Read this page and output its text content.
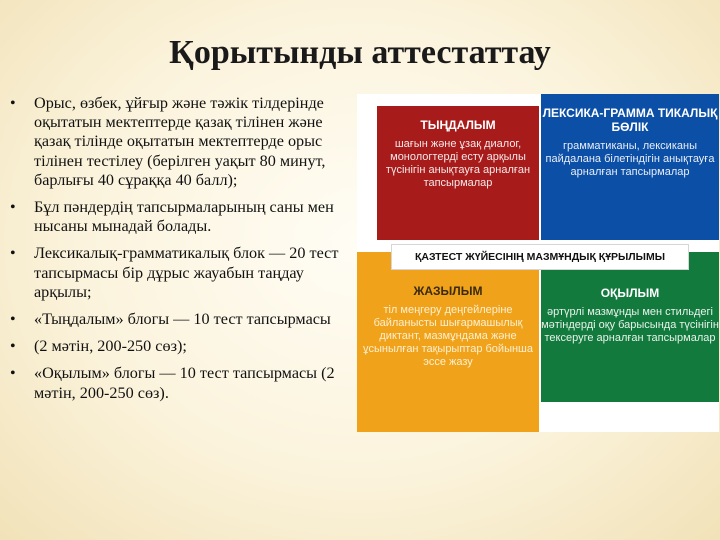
Қорытынды аттестаттау
• Орыс, өзбек, ұйғыр және тәжік тілдерінде оқытатын мектептерде қазақ тілінен және қазақ тілінде оқытатын мектептерде орыс тілінен тестілеу (берілген уақыт 80 минут, барлығы 40 сұраққа 40 балл);
• Бұл пәндердің тапсырмаларының саны мен нысаны мынадай болады.
• Лексикалық-грамматикалық блок — 20 тест тапсырмасы бір дұрыс жауабын таңдау арқылы;
• «Тыңдалым» блогы — 10 тест тапсырмасы
• (2 мәтін, 200-250 сөз);
• «Оқылым» блогы — 10 тест тапсырмасы (2 мәтін, 200-250 сөз).
ТЫҢДАЛЫМ
шағын және ұзақ диалог, монологтерді есту арқылы түсінігін анықтауға арналған тапсырмалар
ЛЕКСИКА-ГРАММА ТИКАЛЫҚ БӨЛІК
грамматиканы, лексиканы пайдалана білетіндігін анықтауға арналған тапсырмалар
ЖАЗЫЛЫМ
тіл меңгеру деңгейлеріне байланысты шығармашылық диктант, мазмұндама және ұсынылған тақырыптар бойынша эссе жазу
ОҚЫЛЫМ
әртүрлі мазмұнды мен стильдегі мәтіндерді оқу барысында түсінігін тексеруге арналған тапсырмалар
ҚАЗТЕСТ ЖҮЙЕСІНІҢ МАЗМҰНДЫҚ ҚҰРЫЛЫМЫ
